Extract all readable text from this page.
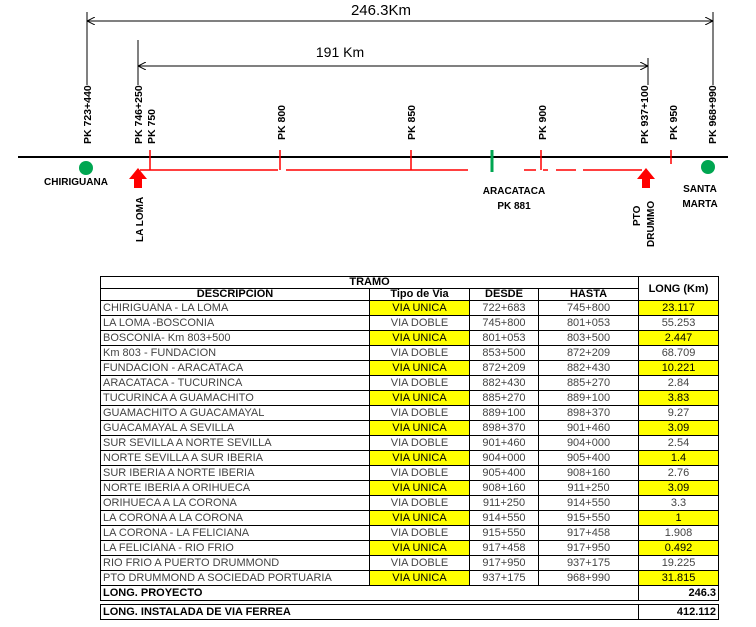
246.3Km
191 Km
PK 723+440	PK 746+250 PK 750	PK 800	PK 850	PK 900	PK 937+100 PK 950	PK 968+990
CHIRIGUANA
LA LOMA
ARACATACA
PK 881	PTO DRUMMO
SANTA
MARTA
TRAMO				LONG (Km)
DESCRIPCION	Tipo de Via	DESDE	HASTA	
CHIRIGUANA - LA LOMA	VIA UNICA	722+683	745+800	23.117
LA LOMA -BOSCONIA	VIA DOBLE	745+800	801+053	55.253
BOSCONIA- Km 803+500	VIA UNICA	801+053	803+500	2.447
Km 803 - FUNDACION	VIA DOBLE	853+500	872+209	68.709
FUNDACION - ARACATACA	VIA UNICA	872+209	882+430	10.221
ARACATACA - TUCURINCA	VIA DOBLE	882+430	885+270	2.84
TUCURINCA A GUAMACHITO	VIA UNICA	885+270	889+100	3.83
GUAMACHITO A GUACAMAYAL	VIA DOBLE	889+100	898+370	9.27
GUACAMAYAL A SEVILLA	VIA UNICA	898+370	901+460	3.09
SUR SEVILLA A NORTE SEVILLA	VIA DOBLE	901+460	904+000	2.54
NORTE SEVILLA A SUR IBERIA	VIA UNICA	904+000	905+400	1.4
SUR IBERIA A NORTE IBERIA	VIA DOBLE	905+400	908+160	2.76
NORTE IBERIA A ORIHUECA	VIA UNICA	908+160	911+250	3.09
ORIHUECA A LA CORONA	VIA DOBLE	911+250	914+550	3.3
LA CORONA A LA CORONA	VIA UNICA	914+550	915+550	1
LA CORONA - LA FELICIANA	VIA DOBLE	915+550	917+458	1.908
LA FELICIANA - RIO FRIO	VIA UNICA	917+458	917+950	0.492
RIO FRIO A PUERTO DRUMMOND	VIA DOBLE	917+950	937+175	19.225
PTO DRUMMOND A SOCIEDAD PORTUARIA	VIA UNICA	937+175	968+990	31.815
LONG. PROYECTO				246.3

LONG. INSTALADA DE VIA FERREA				412.112
